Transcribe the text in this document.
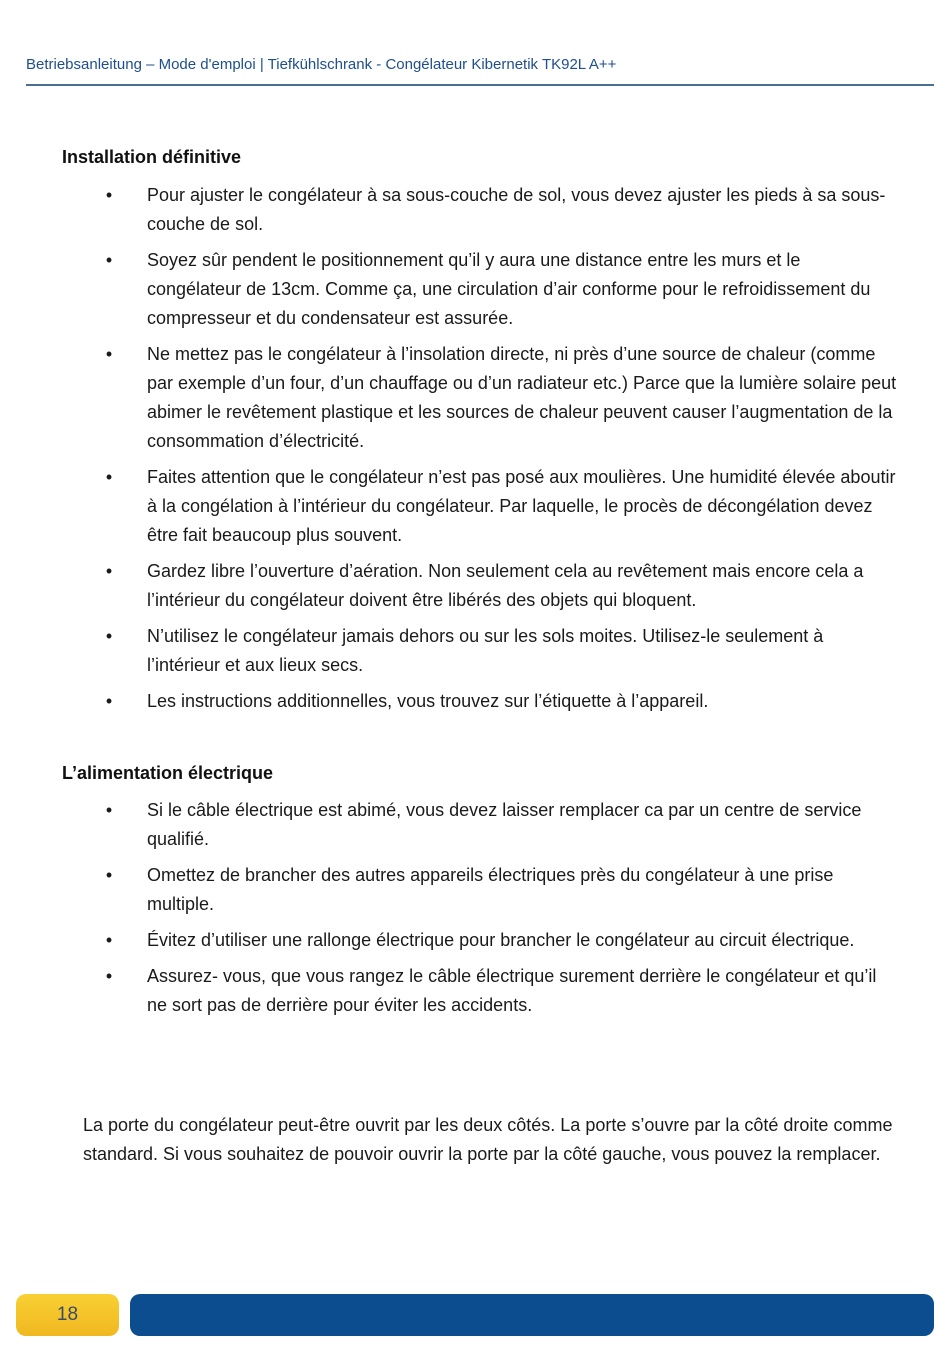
Betriebsanleitung – Mode d'emploi | Tiefkühlschrank - Congélateur Kibernetik TK92L A++
Installation définitive
• Pour ajuster le congélateur à sa sous-couche de sol, vous devez ajuster les pieds à sa sous-couche de sol.
• Soyez sûr pendent le positionnement qu’il y aura une distance entre les murs et le congélateur de 13cm. Comme ça, une circulation d’air conforme pour le refroidissement du compresseur et du condensateur est assurée.
• Ne mettez pas le congélateur à l’insolation directe, ni près d’une source de chaleur (comme par exemple d’un four, d’un chauffage ou d’un radiateur etc.) Parce que la lumière solaire peut abimer le revêtement plastique et les sources de chaleur peuvent causer l’augmentation de la consommation d’électricité.
• Faites attention que le congélateur n’est pas posé aux moulières. Une humidité élevée aboutir à la congélation à l’intérieur du congélateur. Par laquelle, le procès de décongélation devez être fait beaucoup plus souvent.
• Gardez libre l’ouverture d’aération. Non seulement cela au revêtement mais encore cela a l’intérieur du congélateur doivent être libérés des objets qui bloquent.
• N’utilisez le congélateur jamais dehors ou sur les sols moites. Utilisez-le seulement à l’intérieur et aux lieux secs.
• Les instructions additionnelles, vous trouvez sur l’étiquette à l’appareil.
L’alimentation électrique
• Si le câble électrique est abimé, vous devez laisser remplacer ca par un centre de service qualifié.
• Omettez de brancher des autres appareils électriques près du congélateur à une prise multiple.
• Évitez d’utiliser une rallonge électrique pour brancher le congélateur au circuit électrique.
• Assurez- vous, que vous rangez le câble électrique surement derrière le congélateur et qu’il ne sort pas de derrière pour éviter les accidents.

La porte du congélateur peut-être ouvrit par les deux côtés. La porte s’ouvre par la côté droite comme standard. Si vous souhaitez de pouvoir ouvrir la porte par la côté gauche, vous pouvez la remplacer.

18
